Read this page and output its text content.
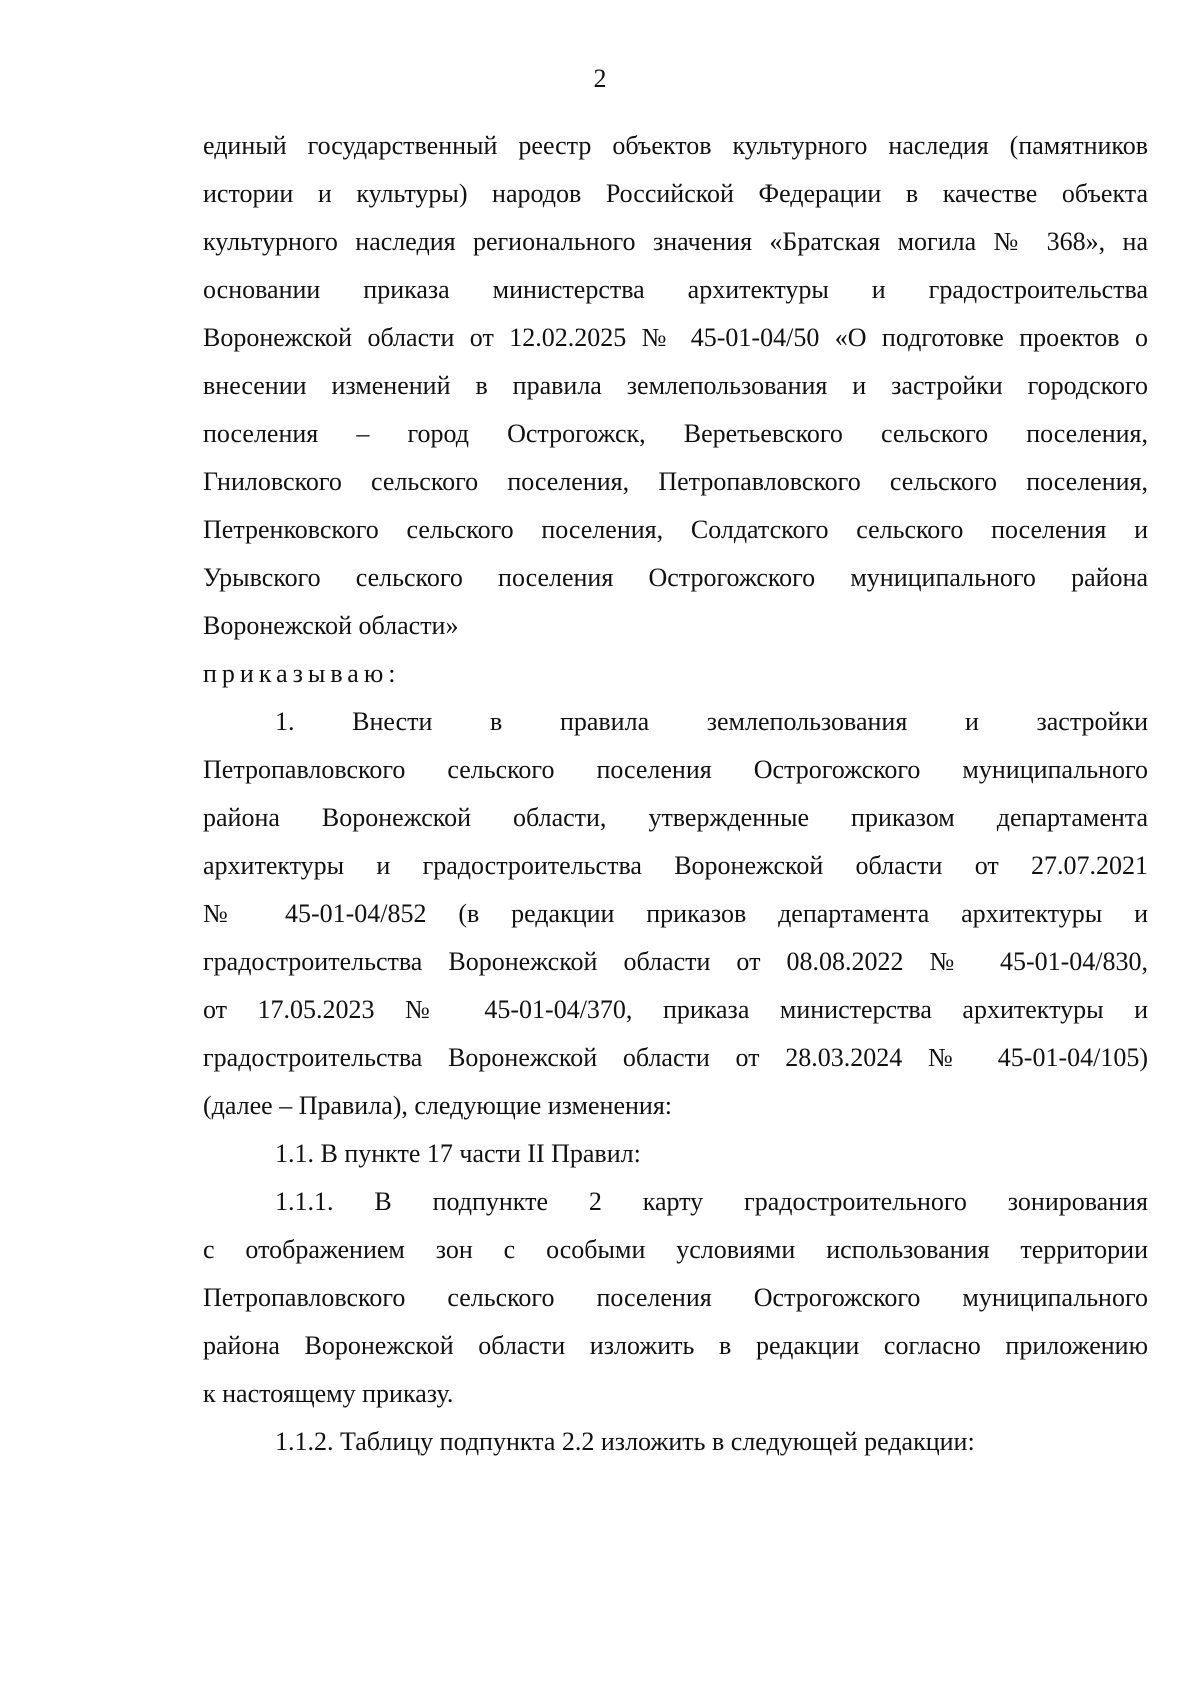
2
единый государственный реестр объектов культурного наследия (памятников
истории и культуры) народов Российской Федерации в качестве объекта
культурного наследия регионального значения «Братская могила № 368», на
основании приказа министерства архитектуры и градостроительства
Воронежской области от 12.02.2025 № 45-01-04/50 «О подготовке проектов о
внесении изменений в правила землепользования и застройки городского
поселения – город Острогожск, Веретьевского сельского поселения,
Гниловского сельского поселения, Петропавловского сельского поселения,
Петренковского сельского поселения, Солдатского сельского поселения и
Урывского сельского поселения Острогожского муниципального района
Воронежской области»
приказываю:
1. Внести в правила землепользования и застройки
Петропавловского сельского поселения Острогожского муниципального
района Воронежской области, утвержденные приказом департамента
архитектуры и градостроительства Воронежской области от 27.07.2021
№ 45-01-04/852 (в редакции приказов департамента архитектуры и
градостроительства Воронежской области от 08.08.2022 № 45-01-04/830,
от 17.05.2023 № 45-01-04/370, приказа министерства архитектуры и
градостроительства Воронежской области от 28.03.2024 № 45-01-04/105)
(далее – Правила), следующие изменения:
1.1. В пункте 17 части II Правил:
1.1.1. В подпункте 2 карту градостроительного зонирования
с отображением зон с особыми условиями использования территории
Петропавловского сельского поселения Острогожского муниципального
района Воронежской области изложить в редакции согласно приложению
к настоящему приказу.
1.1.2. Таблицу подпункта 2.2 изложить в следующей редакции:
